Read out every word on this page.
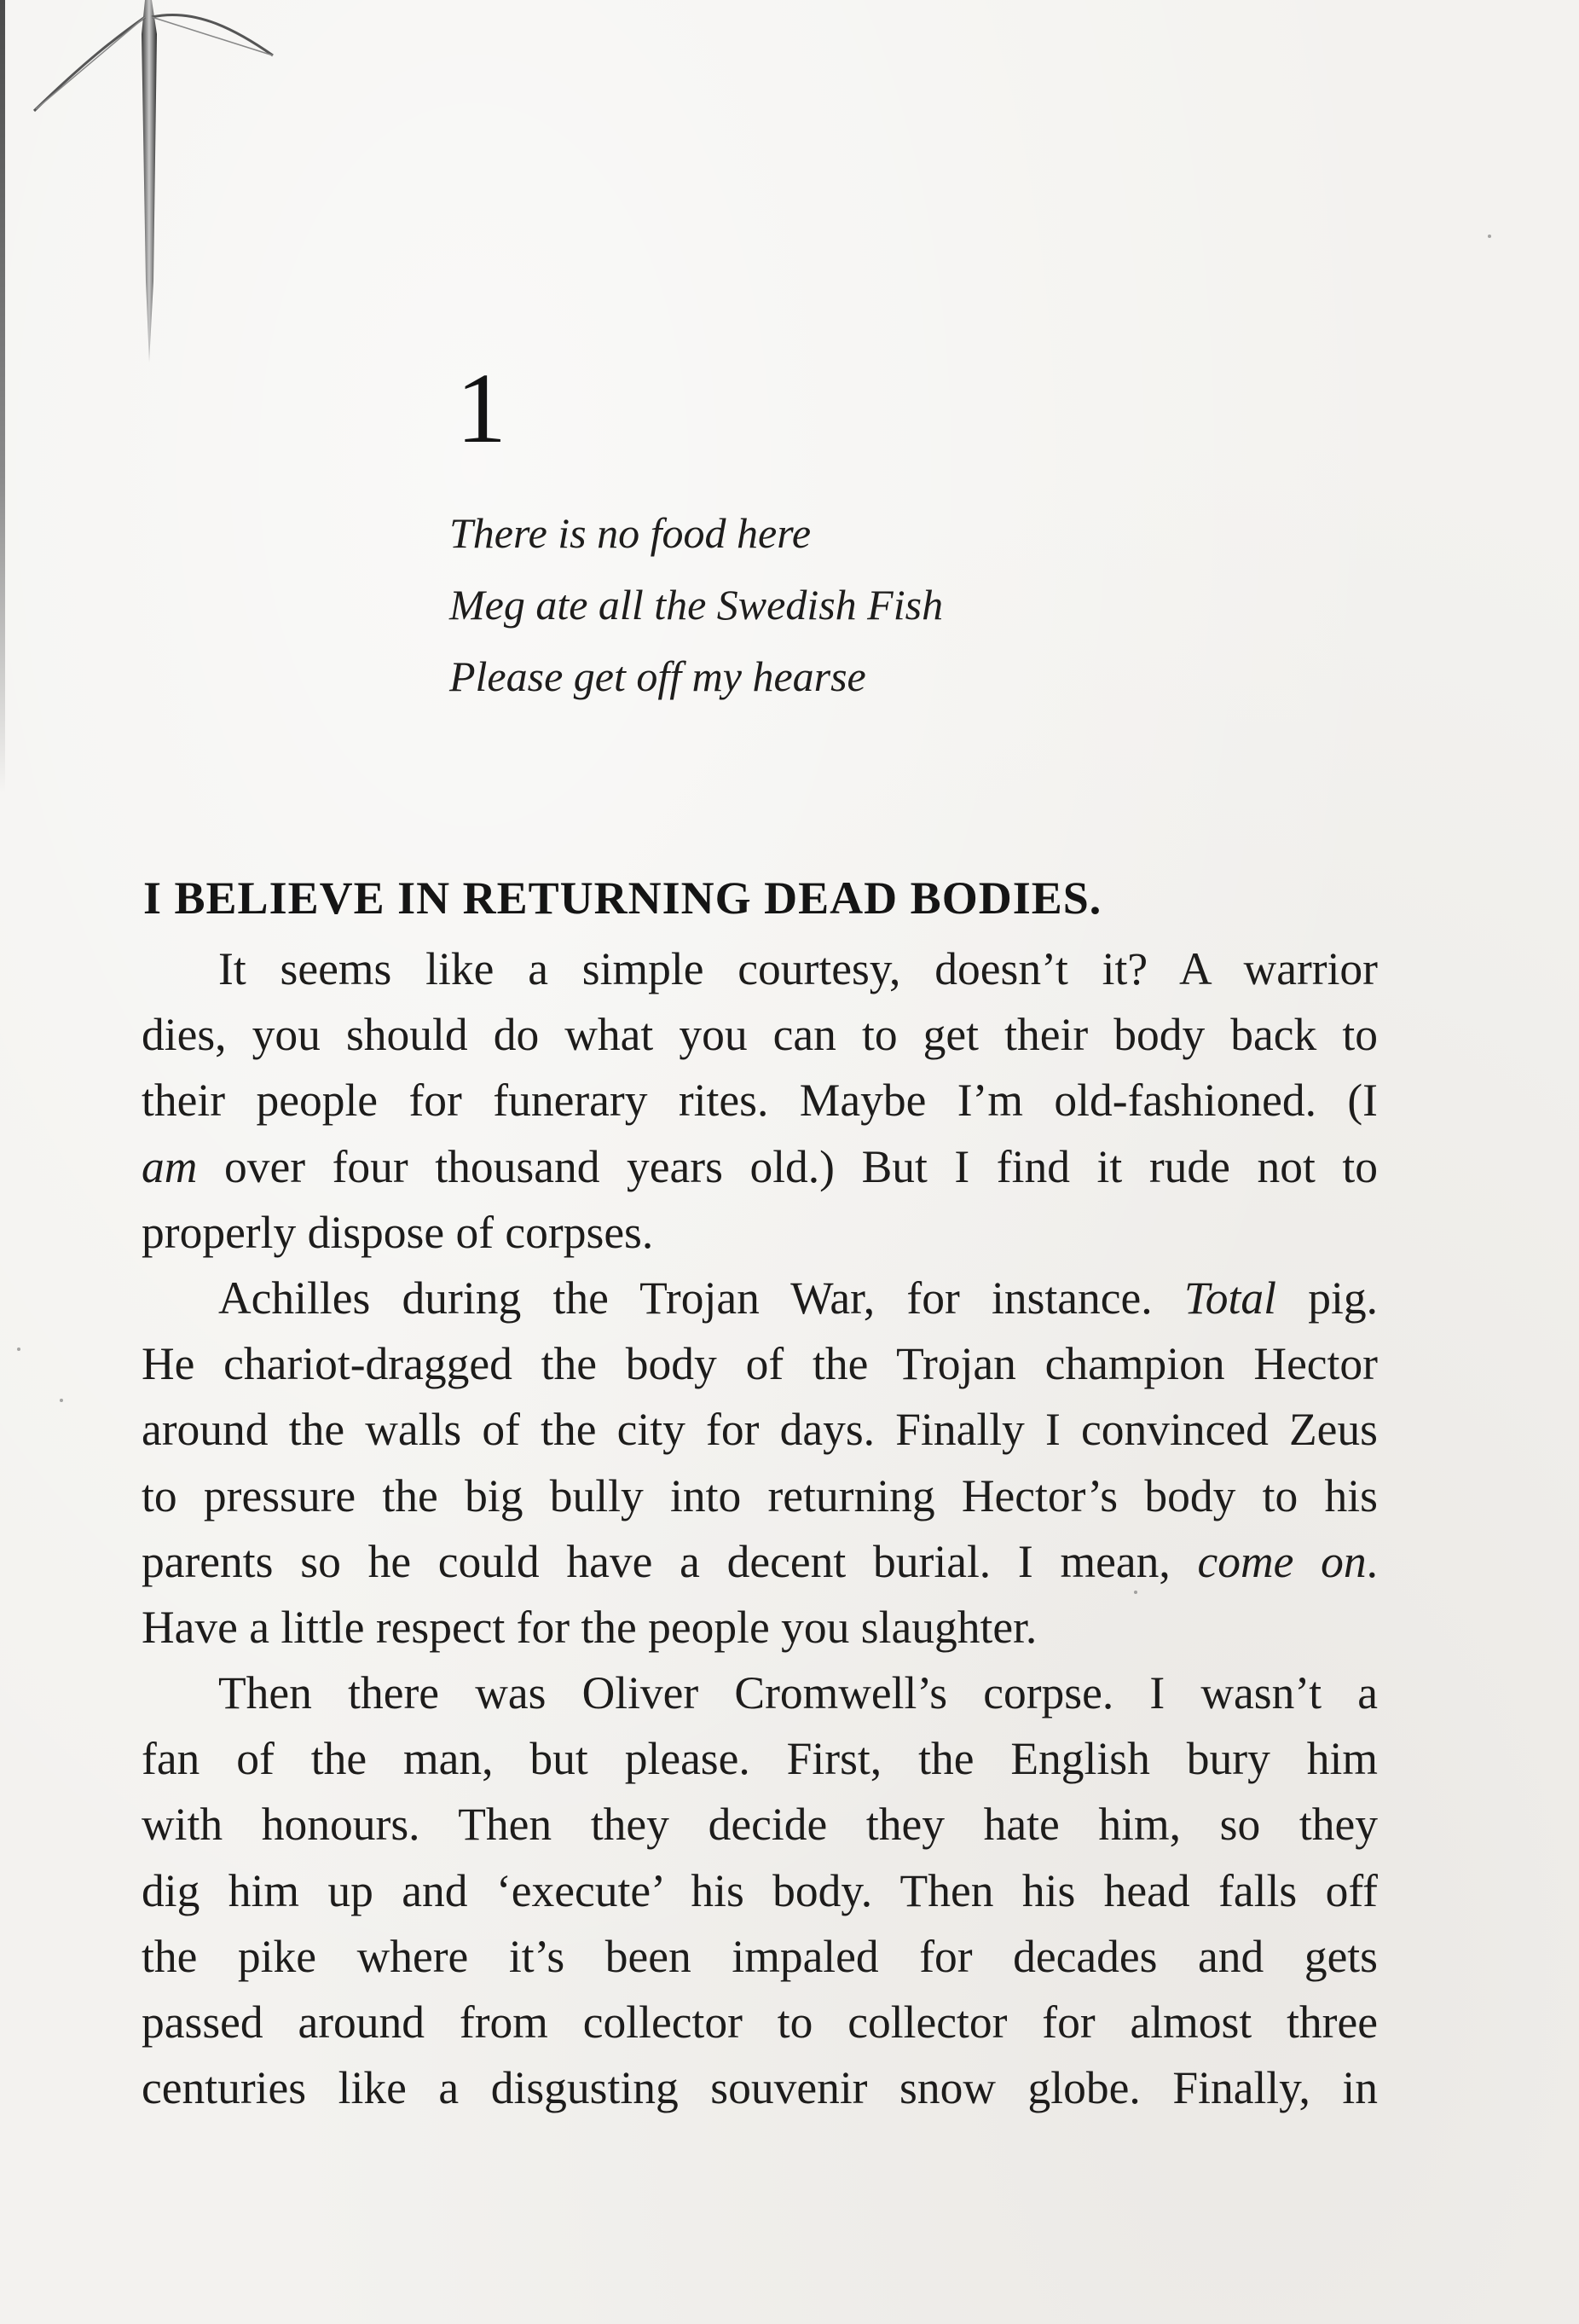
1
There is no food here
Meg ate all the Swedish Fish
Please get off my hearse
I BELIEVE IN RETURNING DEAD BODIES.
It seems like a simple courtesy, doesn’t it? A warrior
dies, you should do what you can to get their body back to
their people for funerary rites. Maybe I’m old-fashioned. (I
am over four thousand years old.) But I find it rude not to
properly dispose of corpses.
Achilles during the Trojan War, for instance. Total pig.
He chariot-dragged the body of the Trojan champion Hector
around the walls of the city for days. Finally I convinced Zeus
to pressure the big bully into returning Hector’s body to his
parents so he could have a decent burial. I mean, come on.
Have a little respect for the people you slaughter.
Then there was Oliver Cromwell’s corpse. I wasn’t a
fan of the man, but please. First, the English bury him
with honours. Then they decide they hate him, so they
dig him up and ‘execute’ his body. Then his head falls off
the pike where it’s been impaled for decades and gets
passed around from collector to collector for almost three
centuries like a disgusting souvenir snow globe. Finally, in
